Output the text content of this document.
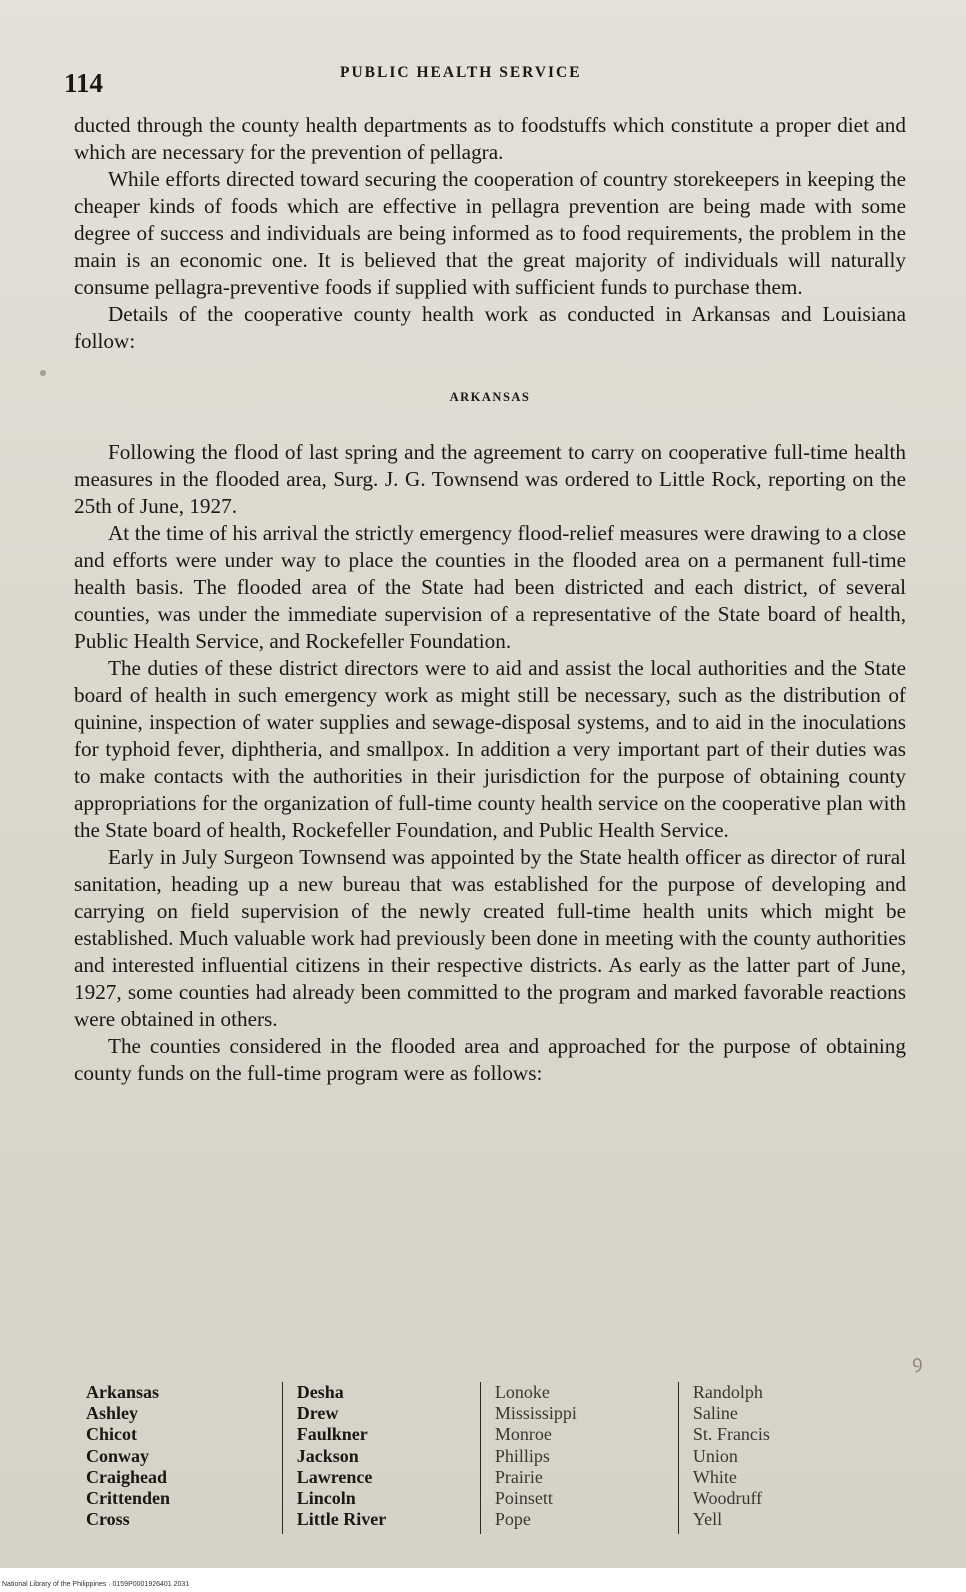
114	PUBLIC HEALTH SERVICE

ducted through the county health departments as to foodstuffs which constitute a proper diet and which are necessary for the prevention of pellagra.

While efforts directed toward securing the cooperation of country storekeepers in keeping the cheaper kinds of foods which are effective in pellagra prevention are being made with some degree of success and individuals are being informed as to food requirements, the problem in the main is an economic one. It is believed that the great majority of individuals will naturally consume pellagra-preventive foods if supplied with sufficient funds to purchase them.

Details of the cooperative county health work as conducted in Arkansas and Louisiana follow:

ARKANSAS

Following the flood of last spring and the agreement to carry on cooperative full-time health measures in the flooded area, Surg. J. G. Townsend was ordered to Little Rock, reporting on the 25th of June, 1927.

At the time of his arrival the strictly emergency flood-relief measures were drawing to a close and efforts were under way to place the counties in the flooded area on a permanent full-time health basis. The flooded area of the State had been districted and each district, of several counties, was under the immediate supervision of a representative of the State board of health, Public Health Service, and Rockefeller Foundation.

The duties of these district directors were to aid and assist the local authorities and the State board of health in such emergency work as might still be necessary, such as the distribution of quinine, inspection of water supplies and sewage-disposal systems, and to aid in the inoculations for typhoid fever, diphtheria, and smallpox. In addition a very important part of their duties was to make contacts with the authorities in their jurisdiction for the purpose of obtaining county appropriations for the organization of full-time county health service on the cooperative plan with the State board of health, Rockefeller Foundation, and Public Health Service.

Early in July Surgeon Townsend was appointed by the State health officer as director of rural sanitation, heading up a new bureau that was established for the purpose of developing and carrying on field supervision of the newly created full-time health units which might be established. Much valuable work had previously been done in meeting with the county authorities and interested influential citizens in their respective districts. As early as the latter part of June, 1927, some counties had already been committed to the program and marked favorable reactions were obtained in others.

The counties considered in the flooded area and approached for the purpose of obtaining county funds on the full-time program were as follows:

ꝯ
Arkansas
Ashley
Chicot
Conway
Craighead
Crittenden
Cross
Desha
Drew
Faulkner
Jackson
Lawrence
Lincoln
Little River
Lonoke
Mississippi
Monroe
Phillips
Prairie
Poinsett
Pope
Randolph
Saline
St. Francis
Union
White
Woodruff
Yell
National Library of the Philippines · 0159P0001926401 2031
